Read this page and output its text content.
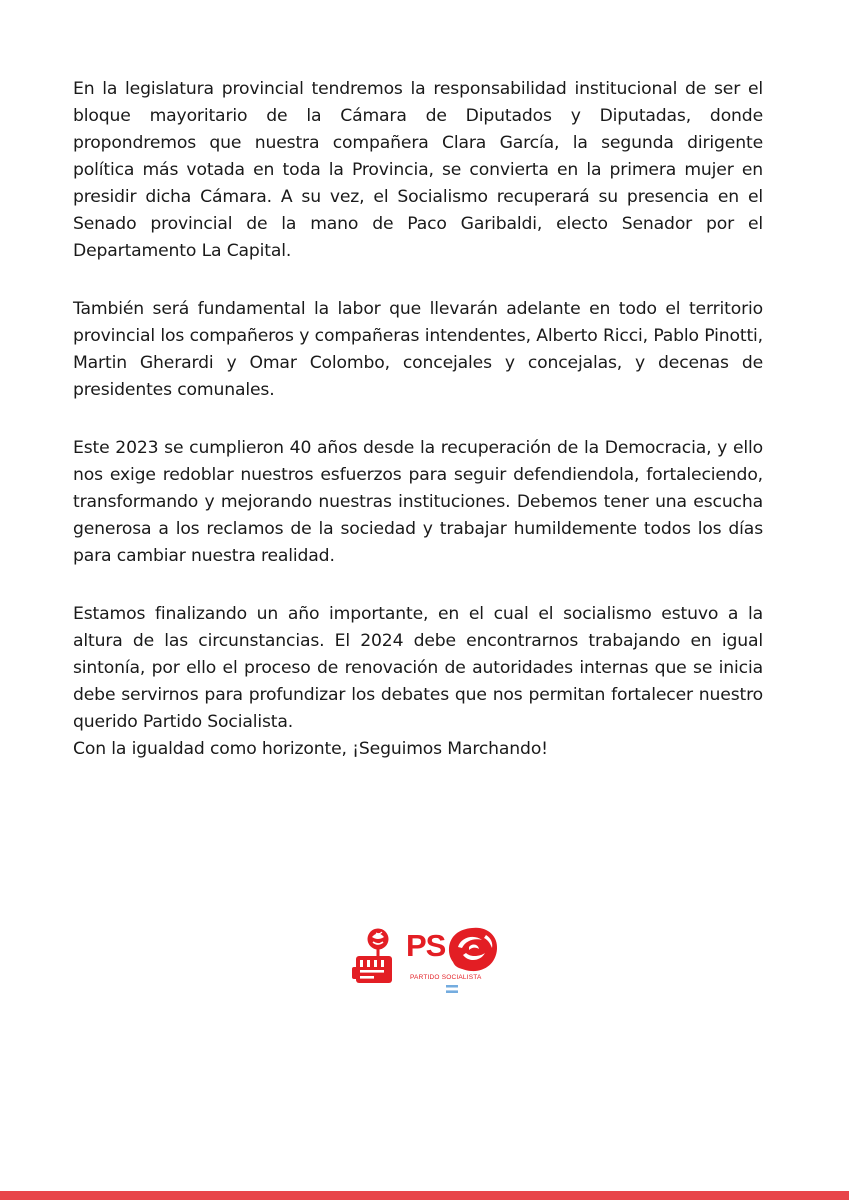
En la legislatura provincial tendremos la responsabilidad institucional de ser el bloque mayoritario de la Cámara de Diputados y Diputadas, donde propondremos que nuestra compañera Clara García, la segunda dirigente política más votada en toda la Provincia, se convierta en la primera mujer en presidir dicha Cámara. A su vez, el Socialismo recuperará su presencia en el Senado provincial de la mano de Paco Garibaldi, electo Senador por el Departamento La Capital.

También será fundamental la labor que llevarán adelante en todo el territorio provincial los compañeros y compañeras intendentes, Alberto Ricci, Pablo Pinotti, Martin Gherardi y Omar Colombo, concejales y concejalas, y decenas de presidentes comunales.

Este 2023 se cumplieron 40 años desde la recuperación de la Democracia, y ello nos exige redoblar nuestros esfuerzos para seguir defendiendola, fortaleciendo, transformando y mejorando nuestras instituciones. Debemos tener una escucha generosa a los reclamos de la sociedad y trabajar humildemente todos los días para cambiar nuestra realidad.

Estamos finalizando un año importante, en el cual el socialismo estuvo a la altura de las circunstancias. El 2024 debe encontrarnos trabajando en igual sintonía, por ello el proceso de renovación de autoridades internas que se inicia debe servirnos para profundizar los debates que nos permitan fortalecer nuestro querido Partido Socialista.

Con la igualdad como horizonte, ¡Seguimos Marchando!

PS
PARTIDO SOCIALISTA
